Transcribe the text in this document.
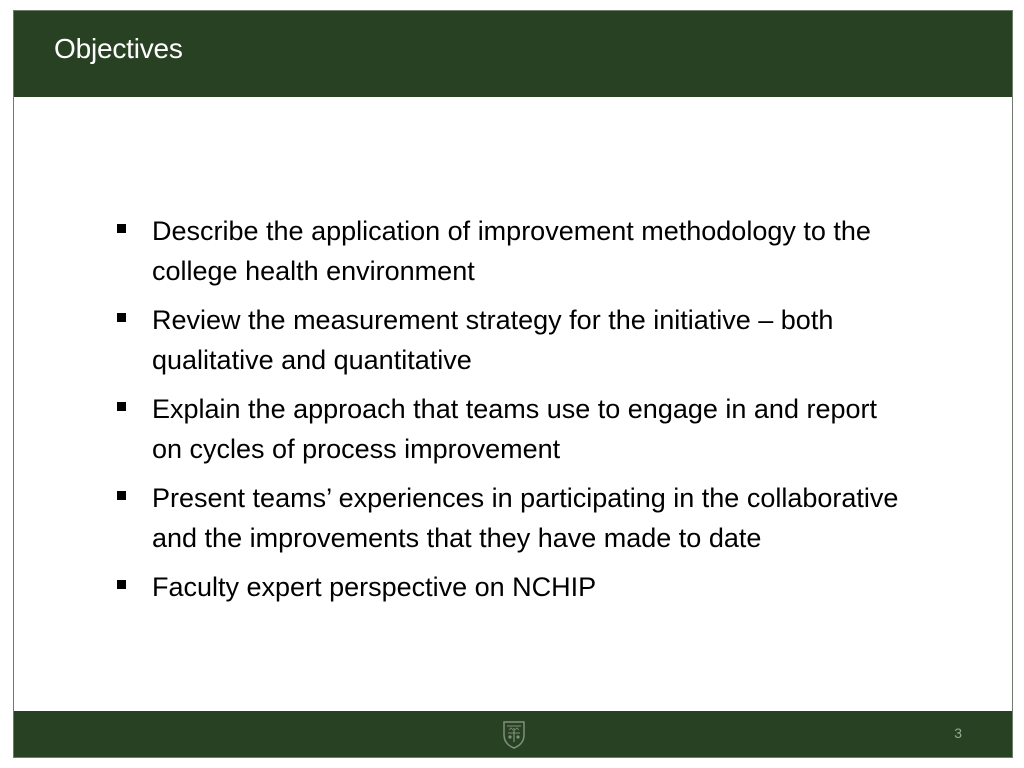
Objectives
Describe the application of improvement methodology to the college health environment
Review the measurement strategy for the initiative – both qualitative and quantitative
Explain the approach that teams use to engage in and report on cycles of process improvement
Present teams’ experiences in participating in the collaborative and the improvements that they have made to date
Faculty expert perspective on NCHIP
3
